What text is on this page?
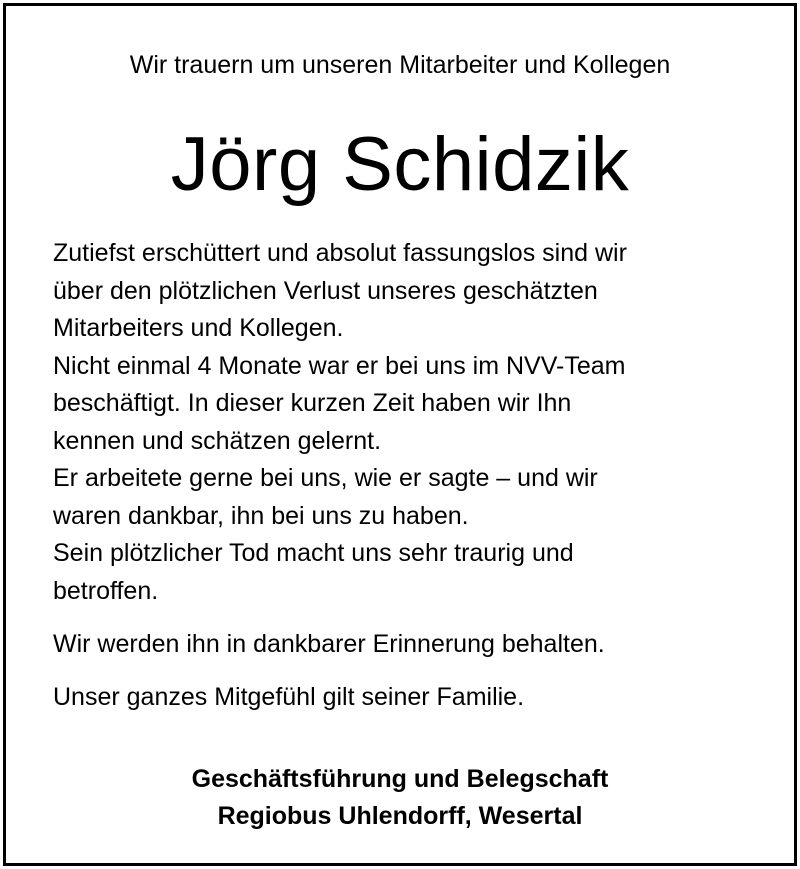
Wir trauern um unseren Mitarbeiter und Kollegen
Jörg Schidzik
Zutiefst erschüttert und absolut fassungslos sind wir
über den plötzlichen Verlust unseres geschätzten
Mitarbeiters und Kollegen.
Nicht einmal 4 Monate war er bei uns im NVV-Team
beschäftigt. In dieser kurzen Zeit haben wir Ihn
kennen und schätzen gelernt.
Er arbeitete gerne bei uns, wie er sagte – und wir
waren dankbar, ihn bei uns zu haben.
Sein plötzlicher Tod macht uns sehr traurig und
betroffen.
Wir werden ihn in dankbarer Erinnerung behalten.
Unser ganzes Mitgefühl gilt seiner Familie.
Geschäftsführung und Belegschaft
Regiobus Uhlendorff, Wesertal
